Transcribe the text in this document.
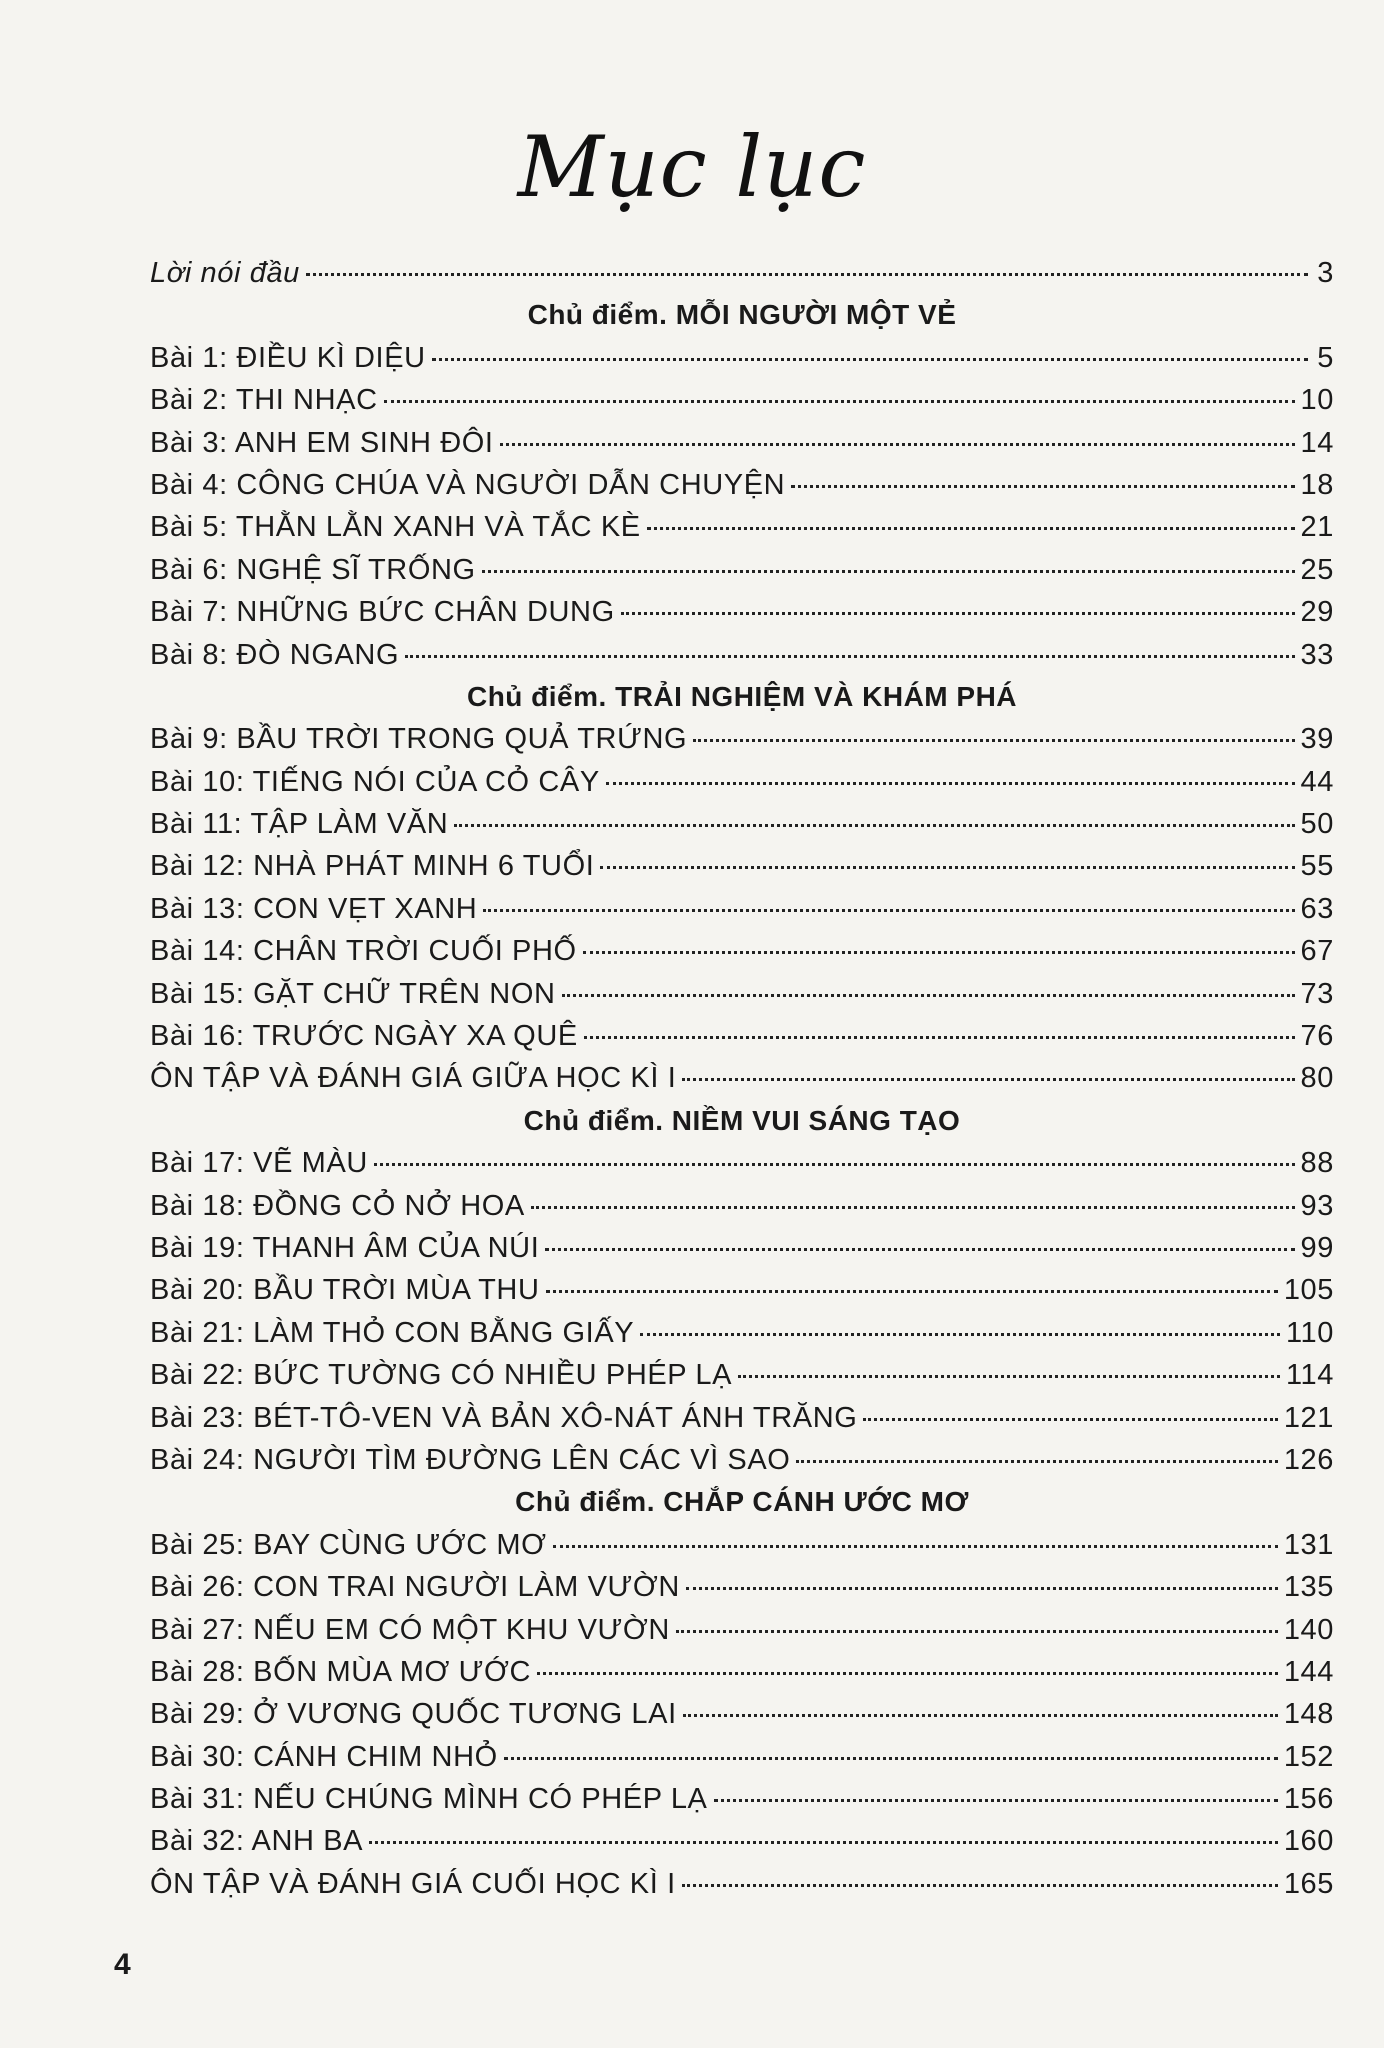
Mục lục
Lời nói đầu	3
Chủ điểm. MỖI NGƯỜI MỘT VẺ
Bài 1: ĐIỀU KÌ DIỆU	5
Bài 2: THI NHẠC	10
Bài 3: ANH EM SINH ĐÔI	14
Bài 4: CÔNG CHÚA VÀ NGƯỜI DẪN CHUYỆN	18
Bài 5: THẰN LẰN XANH VÀ TẮC KÈ	21
Bài 6: NGHỆ SĨ TRỐNG	25
Bài 7: NHỮNG BỨC CHÂN DUNG	29
Bài 8: ĐÒ NGANG	33
Chủ điểm. TRẢI NGHIỆM VÀ KHÁM PHÁ
Bài 9: BẦU TRỜI TRONG QUẢ TRỨNG	39
Bài 10: TIẾNG NÓI CỦA CỎ CÂY	44
Bài 11: TẬP LÀM VĂN	50
Bài 12: NHÀ PHÁT MINH 6 TUỔI	55
Bài 13: CON VẸT XANH	63
Bài 14: CHÂN TRỜI CUỐI PHỐ	67
Bài 15: GẶT CHỮ TRÊN NON	73
Bài 16: TRƯỚC NGÀY XA QUÊ	76
ÔN TẬP VÀ ĐÁNH GIÁ GIỮA HỌC KÌ I	80
Chủ điểm. NIỀM VUI SÁNG TẠO
Bài 17: VẼ MÀU	88
Bài 18: ĐỒNG CỎ NỞ HOA	93
Bài 19: THANH ÂM CỦA NÚI	99
Bài 20: BẦU TRỜI MÙA THU	105
Bài 21: LÀM THỎ CON BẰNG GIẤY	110
Bài 22: BỨC TƯỜNG CÓ NHIỀU PHÉP LẠ	114
Bài 23: BÉT-TÔ-VEN VÀ BẢN XÔ-NÁT ÁNH TRĂNG	121
Bài 24: NGƯỜI TÌM ĐƯỜNG LÊN CÁC VÌ SAO	126
Chủ điểm. CHẮP CÁNH ƯỚC MƠ
Bài 25: BAY CÙNG ƯỚC MƠ	131
Bài 26: CON TRAI NGƯỜI LÀM VƯỜN	135
Bài 27: NẾU EM CÓ MỘT KHU VƯỜN	140
Bài 28: BỐN MÙA MƠ ƯỚC	144
Bài 29: Ở VƯƠNG QUỐC TƯƠNG LAI	148
Bài 30: CÁNH CHIM NHỎ	152
Bài 31: NẾU CHÚNG MÌNH CÓ PHÉP LẠ	156
Bài 32: ANH BA	160
ÔN TẬP VÀ ĐÁNH GIÁ CUỐI HỌC KÌ I	165
4
